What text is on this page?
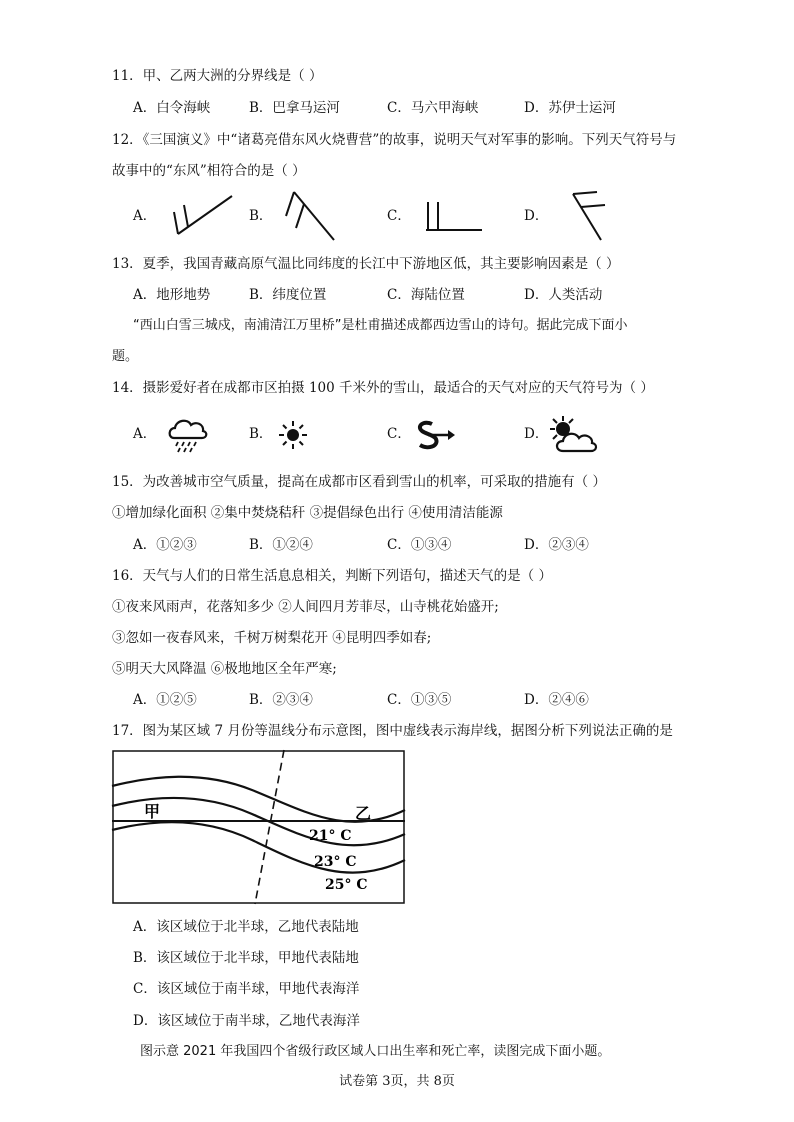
11．甲、乙两大洲的分界线是（ ）
A．白令海峡	B．巴拿马运河	C．马六甲海峡	D．苏伊士运河
12．《三国演义》中“诸葛亮借东风火烧曹营”的故事，说明天气对军事的影响。下列天气符号与
故事中的“东风”相符合的是（ ）
A．	B．	C．	D．
13．夏季，我国青藏高原气温比同纬度的长江中下游地区低，其主要影响因素是（ ）
A．地形地势	B．纬度位置	C．海陆位置	D．人类活动
“西山白雪三城戍，南浦清江万里桥”是杜甫描述成都西边雪山的诗句。据此完成下面小
题。
14．摄影爱好者在成都市区拍摄 100 千米外的雪山，最适合的天气对应的天气符号为（ ）
A．	B．	C．	D．
15．为改善城市空气质量，提高在成都市区看到雪山的机率，可采取的措施有（ ）
①增加绿化面积 ②集中焚烧秸秆 ③提倡绿色出行 ④使用清洁能源
A．①②③	B．①②④	C．①③④	D．②③④
16．天气与人们的日常生活息息相关，判断下列语句，描述天气的是（ ）
①夜来风雨声，花落知多少 ②人间四月芳菲尽，山寺桃花始盛开;
③忽如一夜春风来，千树万树梨花开 ④昆明四季如春;
⑤明天大风降温 ⑥极地地区全年严寒;
A．①②⑤	B．②③④	C．①③⑤	D．②④⑥
17．图为某区域 7 月份等温线分布示意图，图中虚线表示海岸线，据图分析下列说法正确的是
甲	乙
21° C
23° C
25° C
A．该区域位于北半球，乙地代表陆地
B．该区域位于北半球，甲地代表陆地
C．该区域位于南半球，甲地代表海洋
D．该区域位于南半球，乙地代表海洋
图示意 2021 年我国四个省级行政区域人口出生率和死亡率，读图完成下面小题。
试卷第 3页，共 8页
